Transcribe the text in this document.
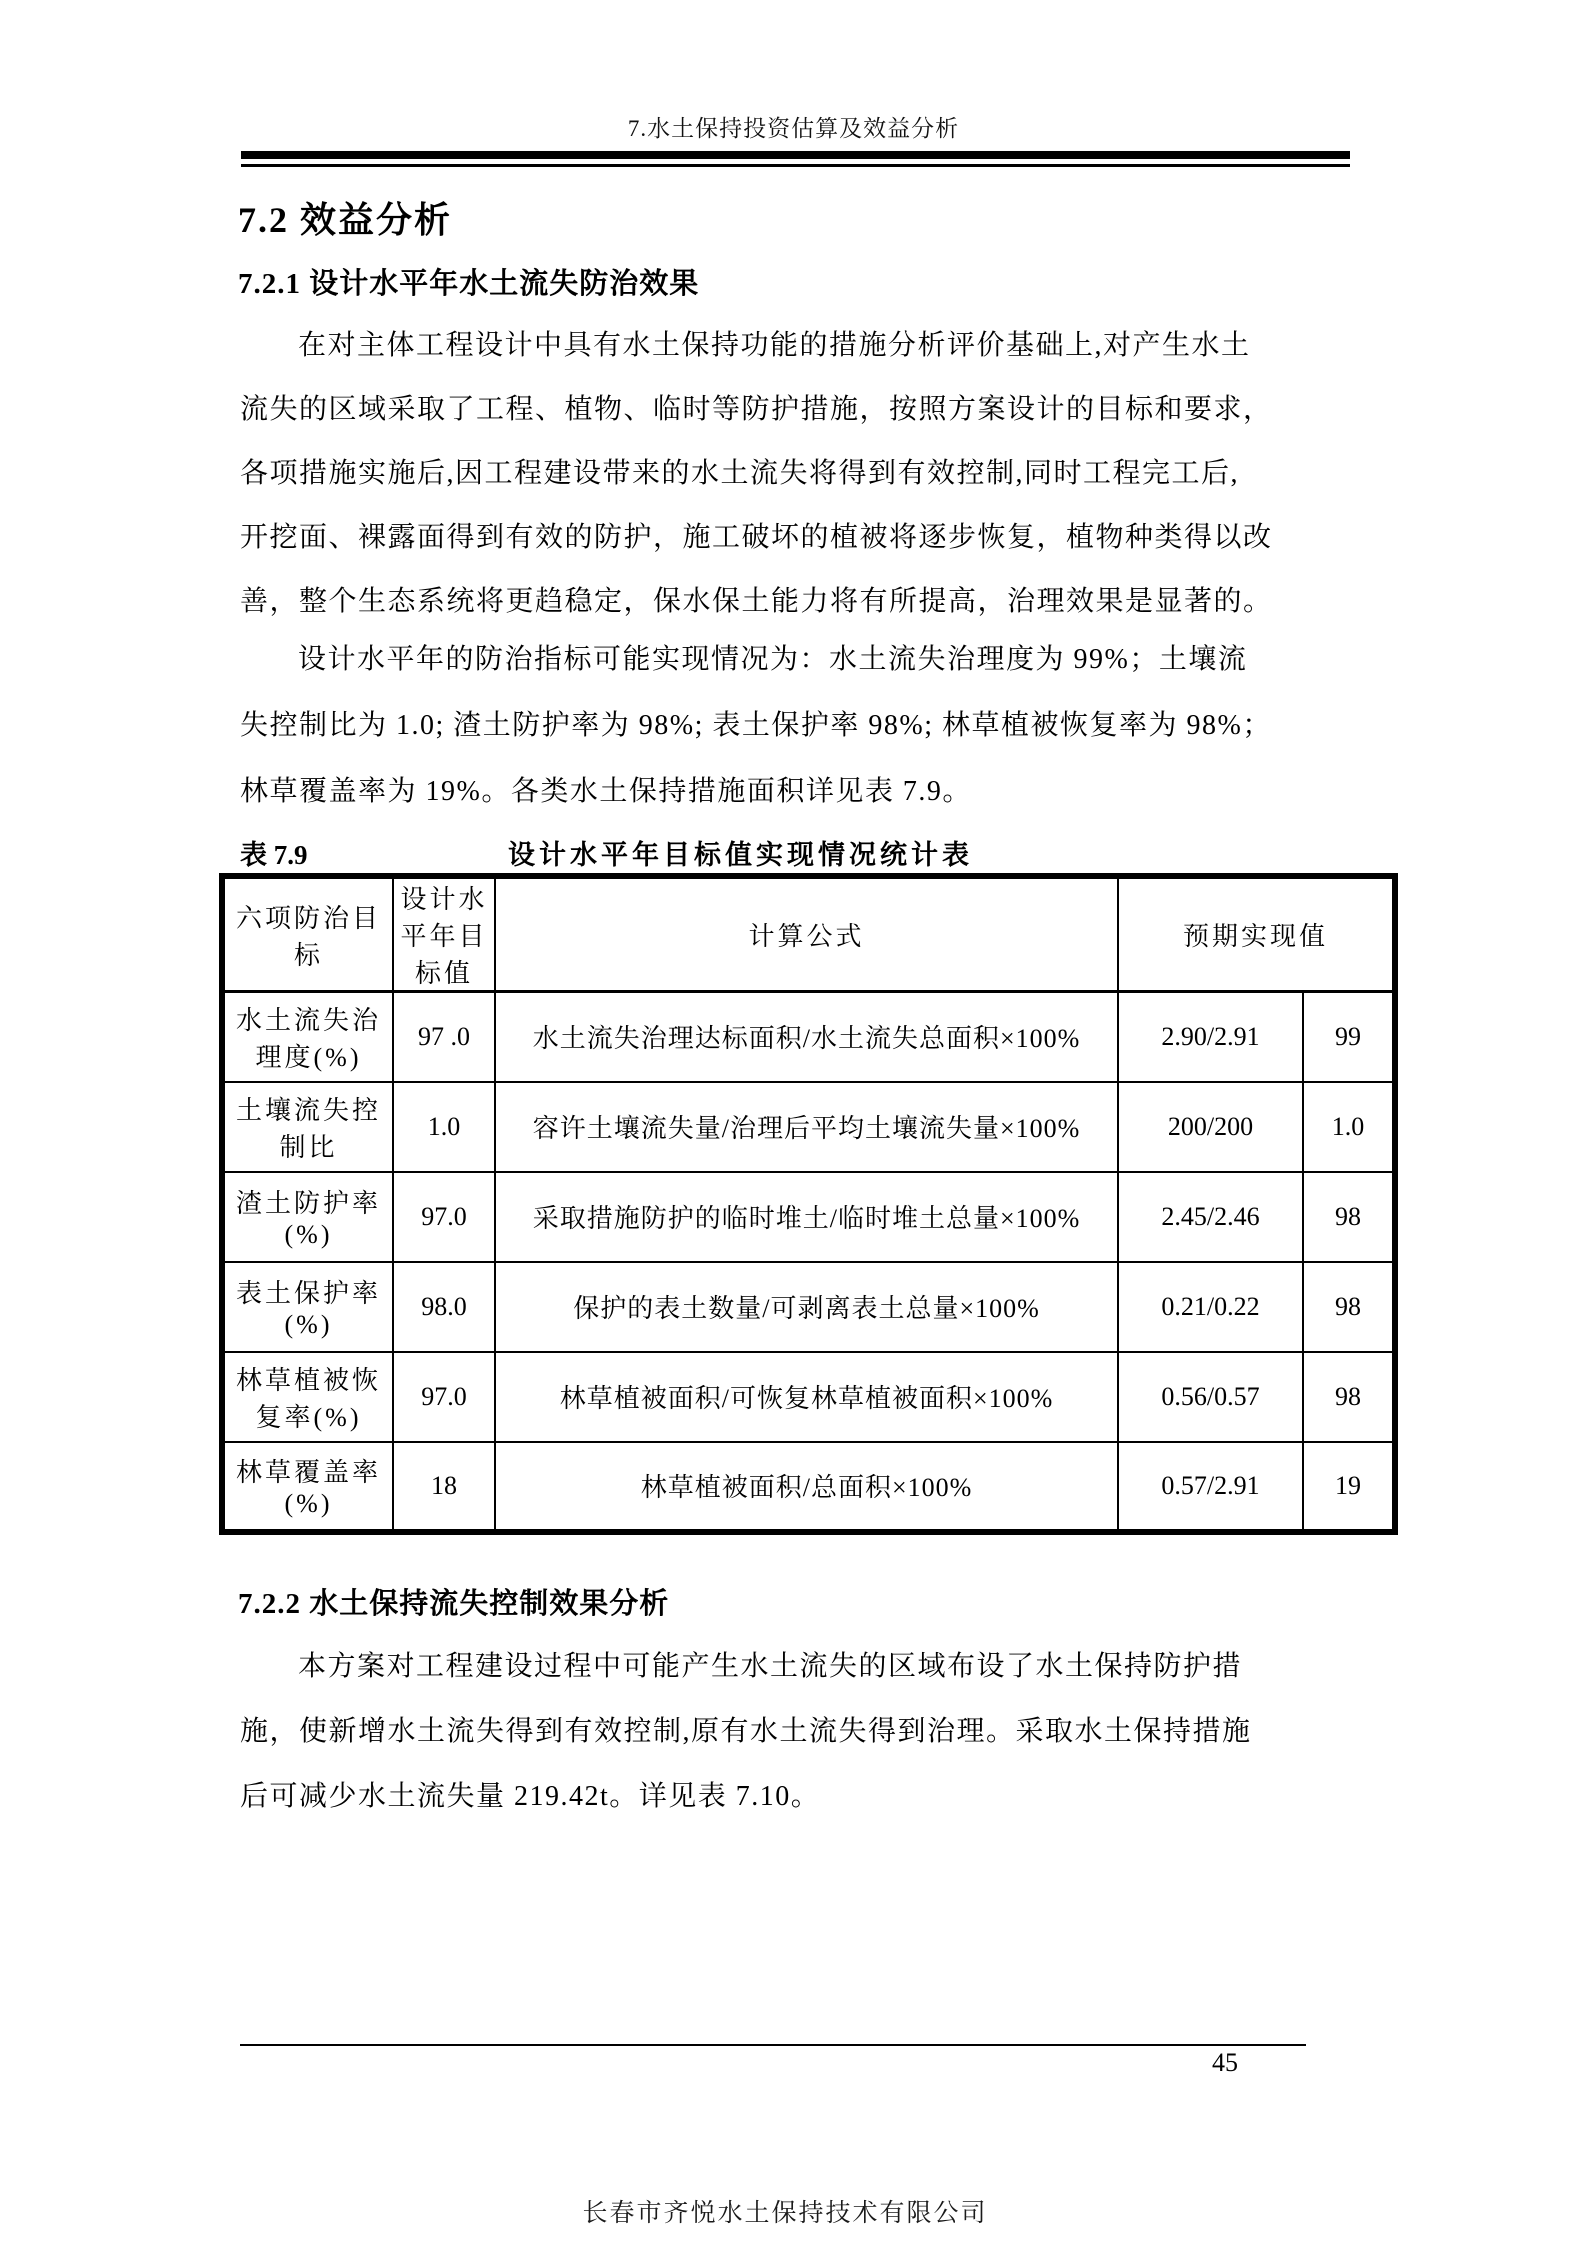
7.水土保持投资估算及效益分析
7.2 效益分析
7.2.1 设计水平年水土流失防治效果
在对主体工程设计中具有水土保持功能的措施分析评价基础上,对产生水土
流失的区域采取了工程、植物、临时等防护措施，按照方案设计的目标和要求，
各项措施实施后,因工程建设带来的水土流失将得到有效控制,同时工程完工后,
开挖面、裸露面得到有效的防护，施工破坏的植被将逐步恢复，植物种类得以改
善，整个生态系统将更趋稳定，保水保土能力将有所提高，治理效果是显著的。
设计水平年的防治指标可能实现情况为：水土流失治理度为 99%；土壤流
失控制比为 1.0; 渣土防护率为 98%; 表土保护率 98%; 林草植被恢复率为 98%；
林草覆盖率为 19%。各类水土保持措施面积详见表 7.9。
表 7.9	设计水平年目标值实现情况统计表
六项防治目标	设计水平年目标值	计算公式	预期实现值	
水土流失治理度(%)	97 .0	水土流失治理达标面积/水土流失总面积×100%	2.90/2.91	99
土壤流失控制比	1.0	容许土壤流失量/治理后平均土壤流失量×100%	200/200	1.0
渣土防护率(%)	97.0	采取措施防护的临时堆土/临时堆土总量×100%	2.45/2.46	98
表土保护率(%)	98.0	保护的表土数量/可剥离表土总量×100%	0.21/0.22	98
林草植被恢复率(%)	97.0	林草植被面积/可恢复林草植被面积×100%	0.56/0.57	98
林草覆盖率(%)	18	林草植被面积/总面积×100%	0.57/2.91	19
7.2.2 水土保持流失控制效果分析
本方案对工程建设过程中可能产生水土流失的区域布设了水土保持防护措
施，使新增水土流失得到有效控制,原有水土流失得到治理。采取水土保持措施
后可减少水土流失量 219.42t。详见表 7.10。
45
长春市齐悦水土保持技术有限公司
